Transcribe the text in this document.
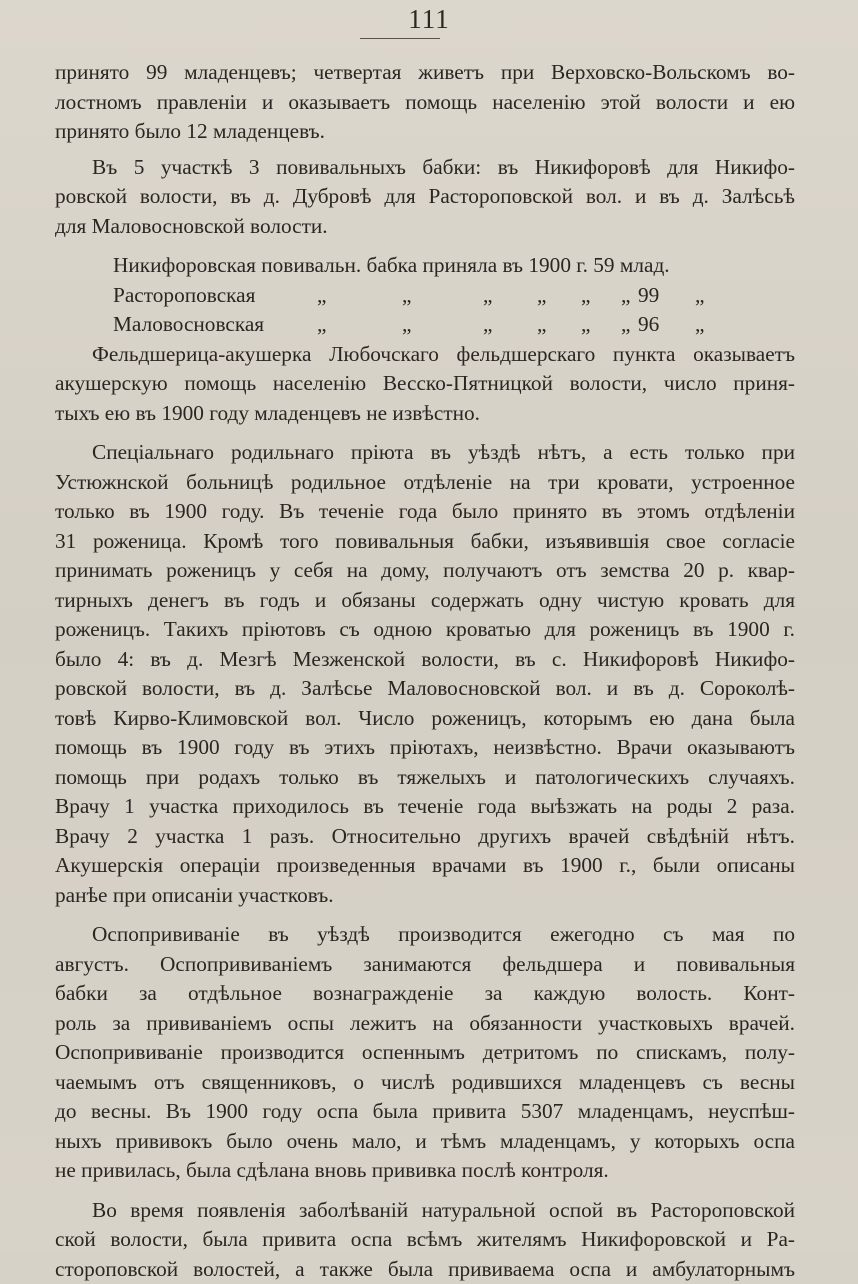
111
принято 99 младенцевъ; четвертая живетъ при Верховско-Вольскомъ во-
лостномъ правленіи и оказываетъ помощь населенію этой волости и ею
принято было 12 младенцевъ.
Въ 5 участкѣ 3 повивальныхъ бабки: въ Никифоровѣ для Никифо-
ровской волости, въ д. Дубровѣ для Растороповской вол. и въ д. Залѣсьѣ
для Маловосновской волости.
Никифоровская повивальн. бабка приняла въ 1900 г. 59 млад.
Растороповская	„	„	„ „ „ „ 99 „
Маловосновская „	„	„ „ „ „ 96 „
Фельдшерица-акушерка Любочскаго фельдшерскаго пункта оказываетъ
акушерскую помощь населенію Весско-Пятницкой волости, число приня-
тыхъ ею въ 1900 году младенцевъ не извѣстно.
Спеціальнаго родильнаго пріюта въ уѣздѣ нѣтъ, а есть только при
Устюжнской больницѣ родильное отдѣленіе на три кровати, устроенное
только въ 1900 году. Въ теченіе года было принято въ этомъ отдѣленіи
31 роженица. Кромѣ того повивальныя бабки, изъявившія свое согласіе
принимать роженицъ у себя на дому, получаютъ отъ земства 20 р. квар-
тирныхъ денегъ въ годъ и обязаны содержать одну чистую кровать для
роженицъ. Такихъ пріютовъ съ одною кроватью для роженицъ въ 1900 г.
было 4: въ д. Мезгѣ Мезженской волости, въ с. Никифоровѣ Никифо-
ровской волости, въ д. Залѣсье Маловосновской вол. и въ д. Сороколѣ-
товѣ Кирво-Климовской вол. Число роженицъ, которымъ ею дана была
помощь въ 1900 году въ этихъ пріютахъ, неизвѣстно. Врачи оказываютъ
помощь при родахъ только въ тяжелыхъ и патологическихъ случаяхъ.
Врачу 1 участка приходилось въ теченіе года выѣзжать на роды 2 раза.
Врачу 2 участка 1 разъ. Относительно другихъ врачей свѣдѣній нѣтъ.
Акушерскія операціи произведенныя врачами въ 1900 г., были описаны
ранѣе при описаніи участковъ.
Оспопрививаніе въ уѣздѣ производится ежегодно съ мая по
августъ. Оспопрививаніемъ занимаются фельдшера и повивальныя
бабки за отдѣльное вознагражденіе за каждую волость. Конт-
роль за прививаніемъ оспы лежитъ на обязанности участковыхъ врачей.
Оспопрививаніе производится оспеннымъ детритомъ по спискамъ, полу-
чаемымъ отъ священниковъ, о числѣ родившихся младенцевъ съ весны
до весны. Въ 1900 году оспа была привита 5307 младенцамъ, неуспѣш-
ныхъ прививокъ было очень мало, и тѣмъ младенцамъ, у которыхъ оспа
не привилась, была сдѣлана вновь прививка послѣ контроля.
Во время появленія заболѣваній натуральной оспой въ Растороповской
ской волости, была привита оспа всѣмъ жителямъ Никифоровской и Ра-
стороповской волостей, а также была прививаема оспа и амбулаторнымъ
